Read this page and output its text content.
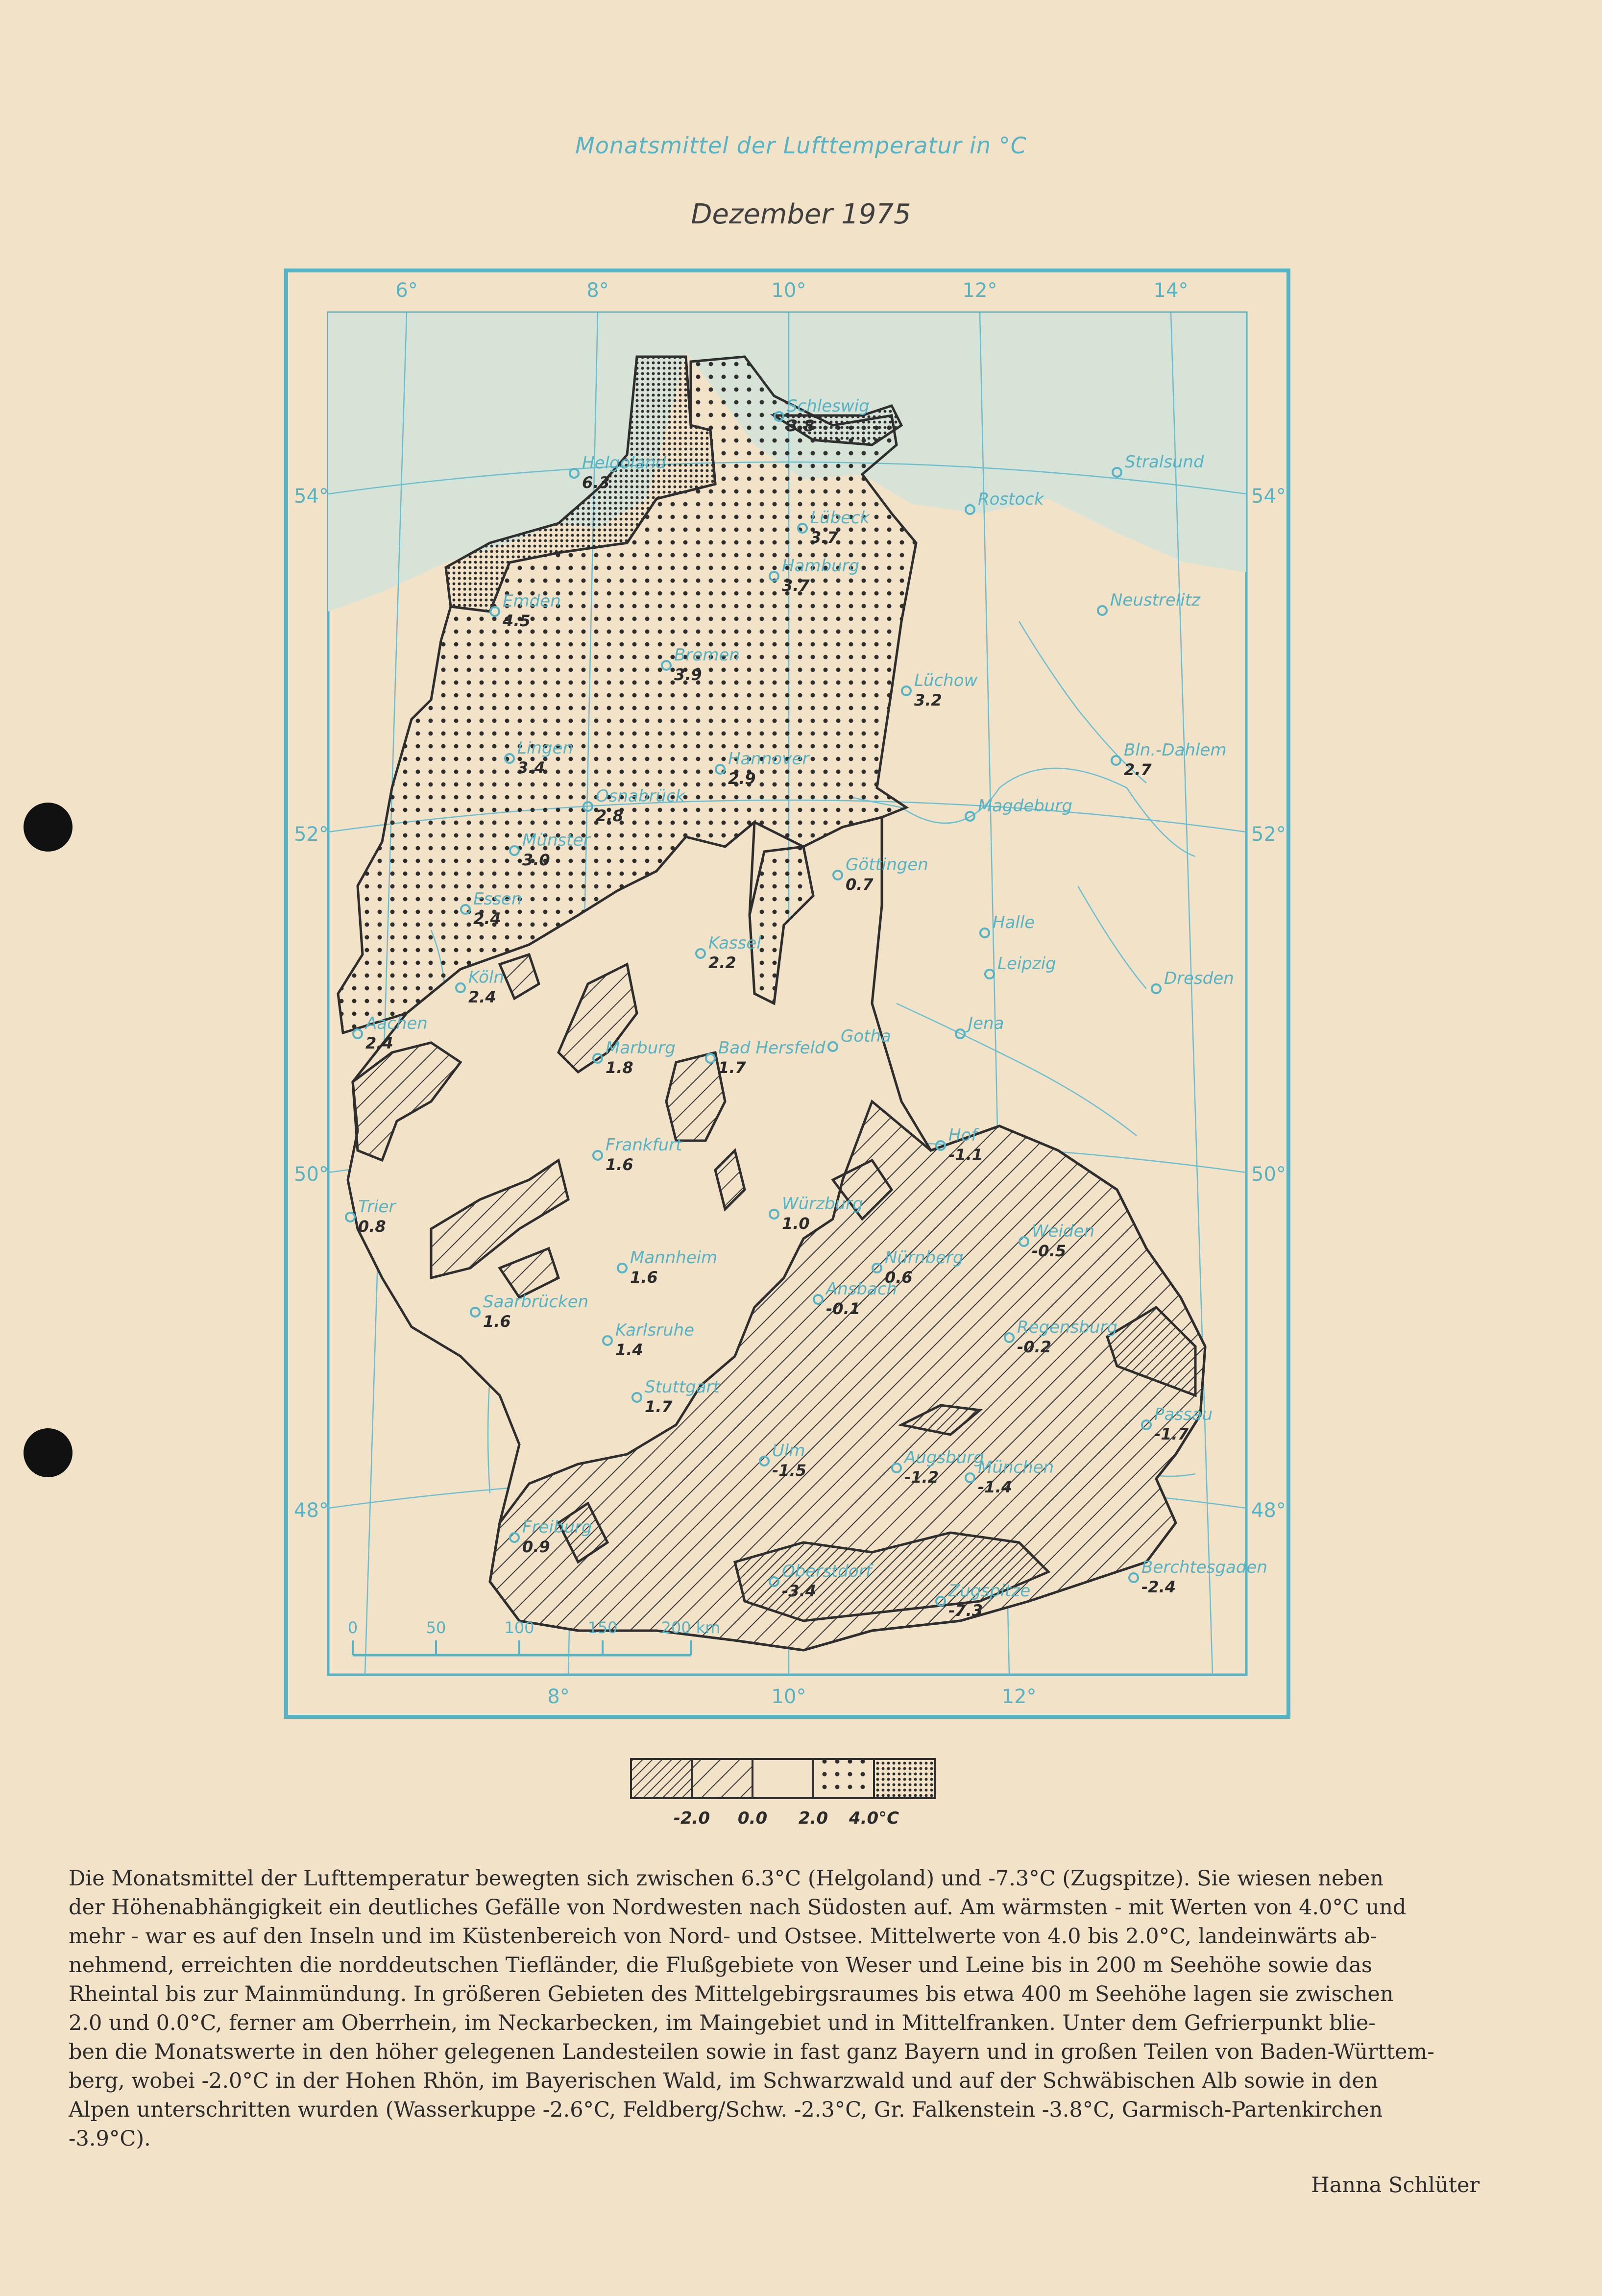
Monatsmittel der Lufttemperatur in °C
Dezember 1975
6°	8°	10°	12°	14°
8°	10°	12°
54°
52°
50°
48°
54°
52°
50°
48°
Helgoland
6.3
Schleswig
3.8
Lübeck
3.7
Hamburg
3.7
Stralsund
Rostock
Neustrelitz
Emden
4.5
Bremen
3.9	Lüchow
3.2
Bln.-Dahlem
2.7
Lingen
3.4	Hannover
2.9
Osnabrück
2.8	Magdeburg
Münster
3.0	Göttingen
0.7
Halle
Essen
2.4
Kassel
2.2	Leipzig
Dresden
Köln
2.4
Aachen
2.4	Marburg
1.8
Bad Hersfeld
1.7
Gotha
Jena
Frankfurt
1.6
Trier
0.8
Würzburg
1.0	Weiden
-0.5
Mannheim
1.6
Nürnberg
0.6
Saarbrücken
1.6
Ansbach
-0.1
Karlsruhe
1.4
Regensburg
-0.2
Stuttgart
1.7	Passau
-1.7
Ulm
-1.5
Augsburg
-1.2 München
-1.4
Freiburg
0.9
Berchtesgaden
-2.4
Oberstdorf
-3.4	Zugspitze
-7.3
Hof
-1.1
0	50	100	150	200 km
-2.0 0.0 2.0 4.0°C
Die Monatsmittel der Lufttemperatur bewegten sich zwischen 6.3°C (Helgoland) und -7.3°C (Zugspitze). Sie wiesen neben
der Höhenabhängigkeit ein deutliches Gefälle von Nordwesten nach Südosten auf. Am wärmsten - mit Werten von 4.0°C und
mehr - war es auf den Inseln und im Küstenbereich von Nord- und Ostsee. Mittelwerte von 4.0 bis 2.0°C, landeinwärts ab-
nehmend, erreichten die norddeutschen Tiefländer, die Flußgebiete von Weser und Leine bis in 200 m Seehöhe sowie das
Rheintal bis zur Mainmündung. In größeren Gebieten des Mittelgebirgsraumes bis etwa 400 m Seehöhe lagen sie zwischen
2.0 und 0.0°C, ferner am Oberrhein, im Neckarbecken, im Maingebiet und in Mittelfranken. Unter dem Gefrierpunkt blie-
ben die Monatswerte in den höher gelegenen Landesteilen sowie in fast ganz Bayern und in großen Teilen von Baden-Württem-
berg, wobei -2.0°C in der Hohen Rhön, im Bayerischen Wald, im Schwarzwald und auf der Schwäbischen Alb sowie in den
Alpen unterschritten wurden (Wasserkuppe -2.6°C, Feldberg/Schw. -2.3°C, Gr. Falkenstein -3.8°C, Garmisch-Partenkirchen
-3.9°C).
Hanna Schlüter
